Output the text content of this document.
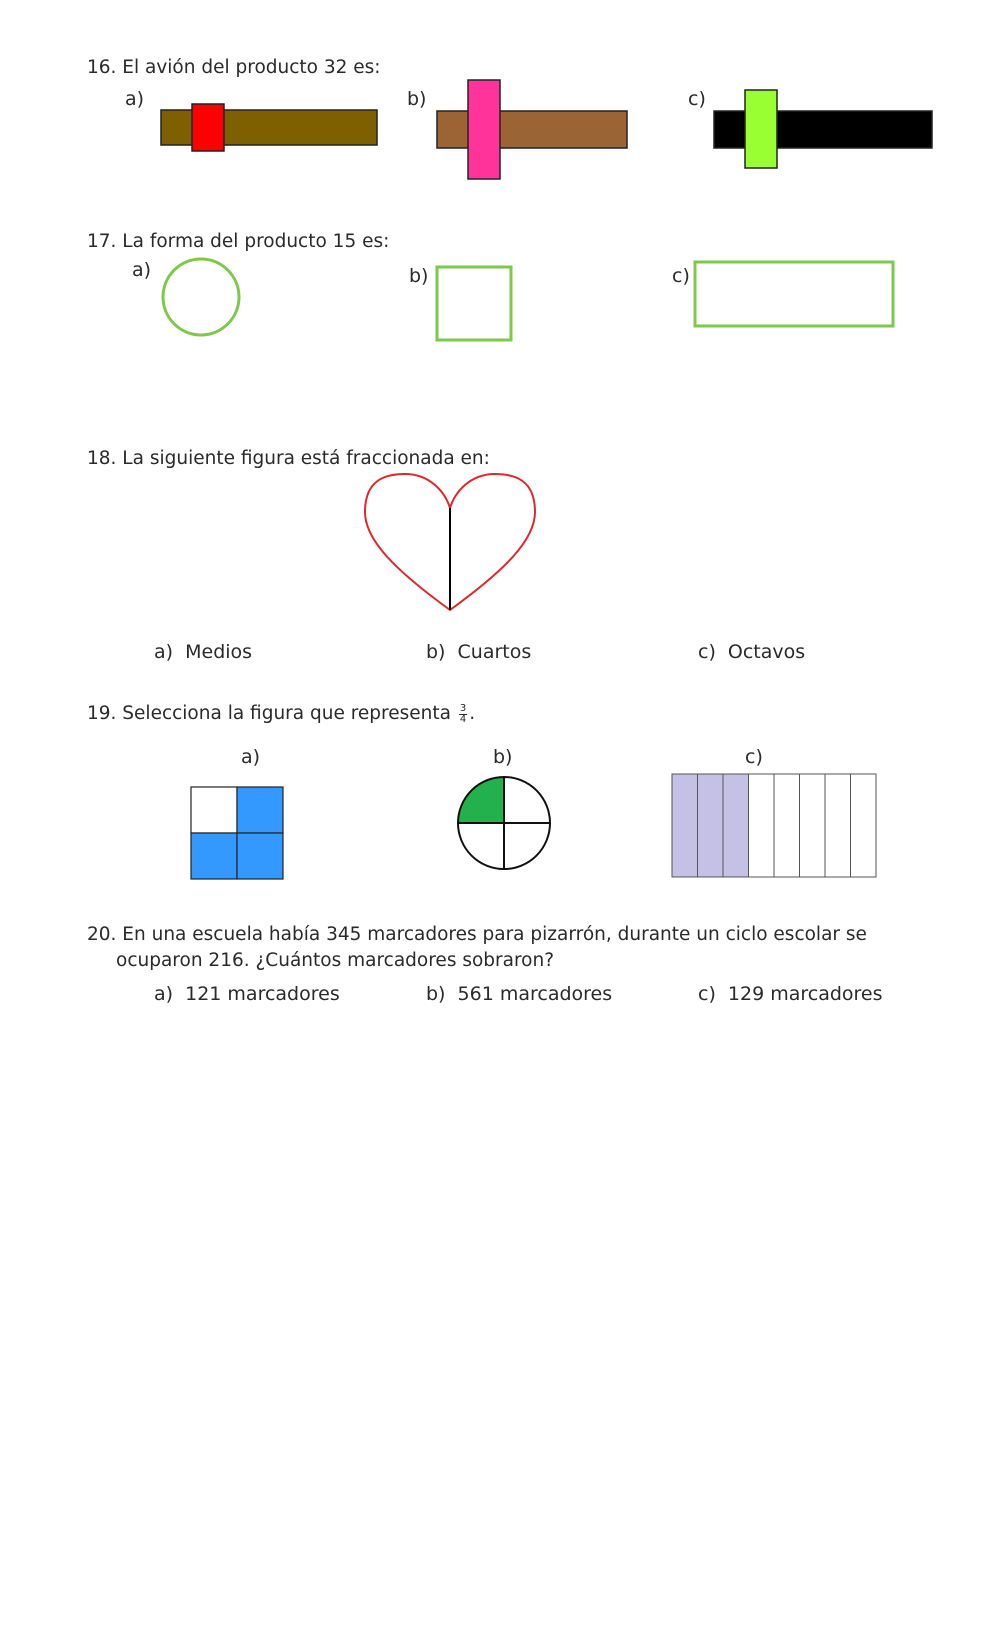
16. El avión del producto 32 es:
a)	b)	c)
17. La forma del producto 15 es:
a)	b)	c)
18. La siguiente figura está fraccionada en:
a) Medios	b) Cuartos	c) Octavos
19. Selecciona la figura que representa $\frac{3}{4}$ .
a)	b)	c)
20. En una escuela había 345 marcadores para pizarrón, durante un ciclo escolar se
ocuparon 216. ¿Cuántos marcadores sobraron?
a) 121 marcadores	b) 561 marcadores	c) 129 marcadores
